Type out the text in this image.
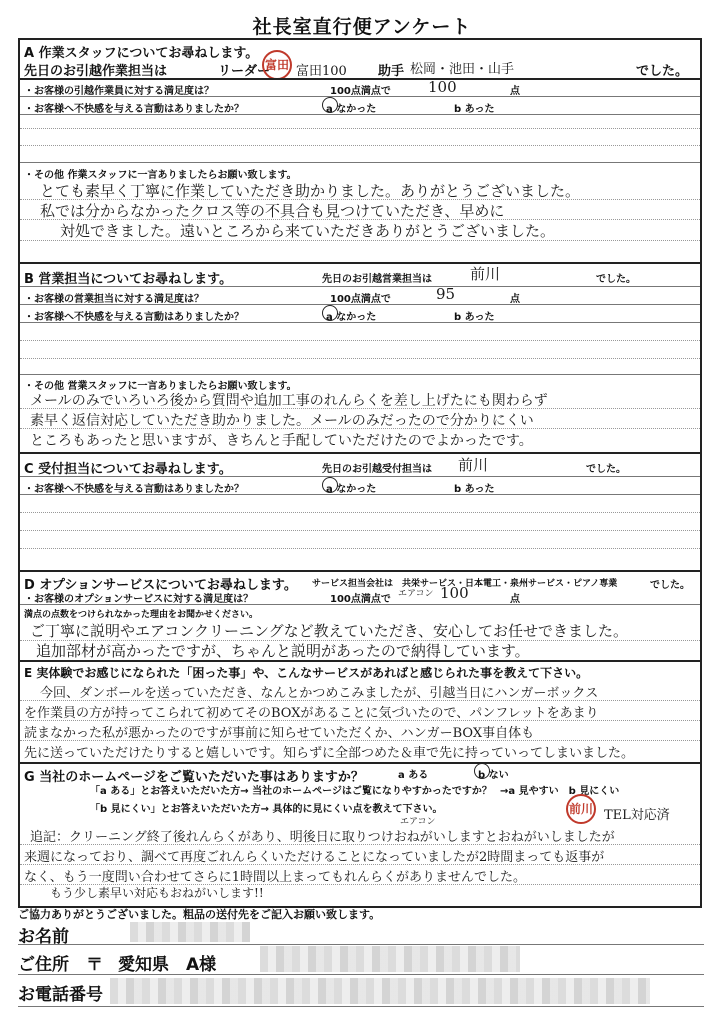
社長室直行便アンケート
A 作業スタッフについてお尋ねします。
先日のお引越作業担当は	リーダー
富田 富田100 助手 松岡・池田・山手	でした。
・お客様の引越作業員に対する満足度は？	100点満点で 100	点
・お客様へ不快感を与える言動はありましたか？	a なかった	b あった
・その他 作業スタッフに一言ありましたらお願い致します。
とても素早く丁寧に作業していただき助かりました。ありがとうございました。
私では分からなかったクロス等の不具合も見つけていただき、早めに
対処できました。遠いところから来ていただきありがとうございました。
B 営業担当についてお尋ねします。	先日のお引越営業担当は	前川	でした。
・お客様の営業担当に対する満足度は？	100点満点で	95	点
・お客様へ不快感を与える言動はありましたか？	a なかった	b あった
・その他 営業スタッフに一言ありましたらお願い致します。
メールのみでいろいろ後から質問や追加工事のれんらくを差し上げたにも関わらず
素早く返信対応していただき助かりました。メールのみだったので分かりにくい
ところもあったと思いますが、きちんと手配していただけたのでよかったです。
C 受付担当についてお尋ねします。	先日のお引越受付担当は 前川	でした。
・お客様へ不快感を与える言動はありましたか？	a なかった	b あった
D オプションサービスについてお尋ねします。 サービス担当会社は　共栄サービス・日本電工・泉州サービス・ピアノ専業	でした。
・お客様のオプションサービスに対する満足度は？	100点満点で エアコン 100	点
満点の点数をつけられなかった理由をお聞かせください。
ご丁寧に説明やエアコンクリーニングなど教えていただき、安心してお任せできました。
追加部材が高かったですが、ちゃんと説明があったので納得しています。
E 実体験でお感じになられた「困った事」や、こんなサービスがあればと感じられた事を教えて下さい。
今回、ダンボールを送っていただき、なんとかつめこみましたが、引越当日にハンガーボックス
を作業員の方が持ってこられて初めてそのBOXがあることに気づいたので、パンフレットをあまり
読まなかった私が悪かったのですが事前に知らせていただくか、ハンガーBOX事自体も
先に送っていただけたりすると嬉しいです。知らずに全部つめた＆車で先に持っていってしまいました。
G 当社のホームページをご覧いただいた事はありますか？	a ある	b ない
「a ある」とお答えいただいた方→ 当社のホームページはご覧になりやすかったですか？ →a 見やすい　b 見にくい
「b 見にくい」とお答えいただいた方→ 具体的に見にくい点を教えて下さい。	前川 TEL対応済
エアコン
追記：クリーニング終了後れんらくがあり、明後日に取りつけおねがいしますとおねがいしましたが
来週になっており、調べて再度ごれんらくいただけることになっていましたが2時間まっても返事が
なく、もう一度問い合わせてさらに1時間以上まってもれんらくがありませんでした。
もう少し素早い対応もおねがいします!!
ご協力ありがとうございました。粗品の送付先をご記入お願い致します。
お名前
ご住所 〒 愛知県　A様
お電話番号
